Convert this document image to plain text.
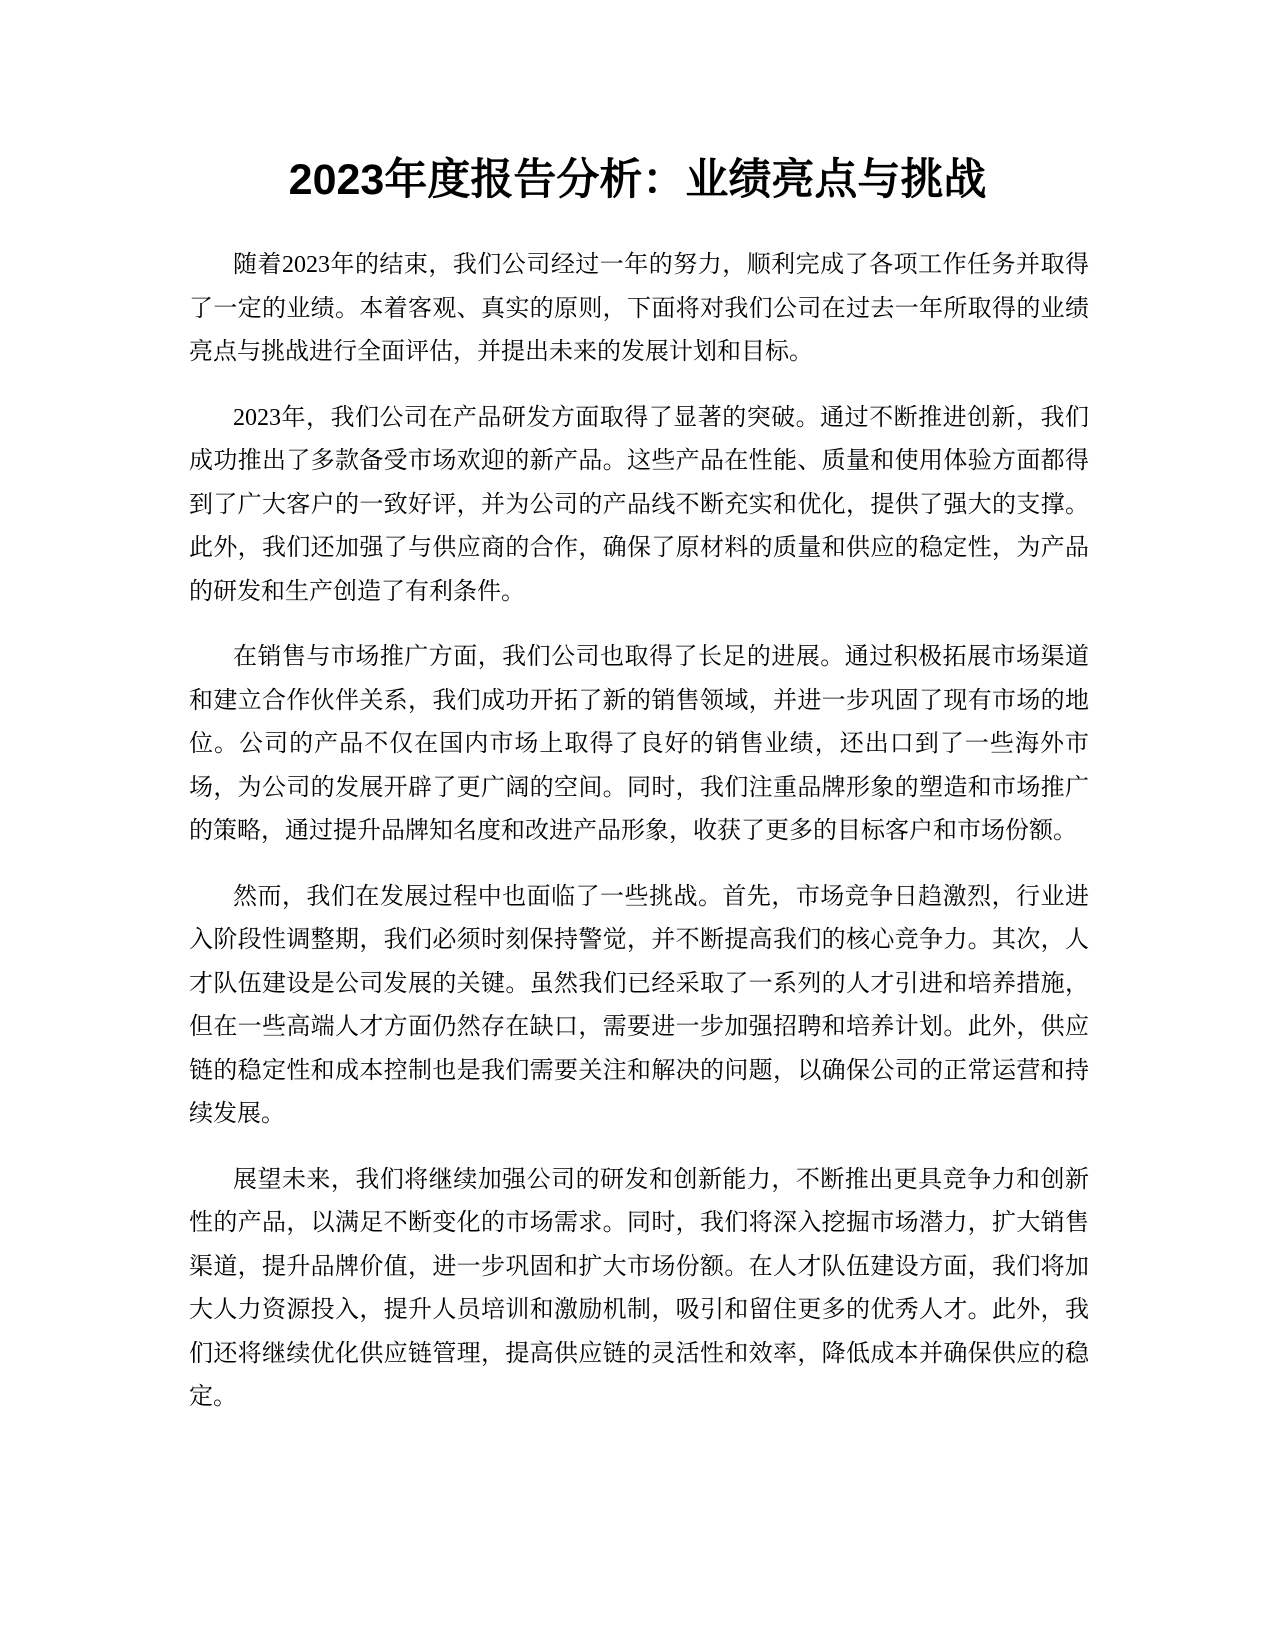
2023年度报告分析：业绩亮点与挑战

随着2023年的结束，我们公司经过一年的努力，顺利完成了各项工作任务并取得了一定的业绩。本着客观、真实的原则，下面将对我们公司在过去一年所取得的业绩亮点与挑战进行全面评估，并提出未来的发展计划和目标。

2023年，我们公司在产品研发方面取得了显著的突破。通过不断推进创新，我们成功推出了多款备受市场欢迎的新产品。这些产品在性能、质量和使用体验方面都得到了广大客户的一致好评，并为公司的产品线不断充实和优化，提供了强大的支撑。此外，我们还加强了与供应商的合作，确保了原材料的质量和供应的稳定性，为产品的研发和生产创造了有利条件。

在销售与市场推广方面，我们公司也取得了长足的进展。通过积极拓展市场渠道和建立合作伙伴关系，我们成功开拓了新的销售领域，并进一步巩固了现有市场的地位。公司的产品不仅在国内市场上取得了良好的销售业绩，还出口到了一些海外市场，为公司的发展开辟了更广阔的空间。同时，我们注重品牌形象的塑造和市场推广的策略，通过提升品牌知名度和改进产品形象，收获了更多的目标客户和市场份额。

然而，我们在发展过程中也面临了一些挑战。首先，市场竞争日趋激烈，行业进入阶段性调整期，我们必须时刻保持警觉，并不断提高我们的核心竞争力。其次，人才队伍建设是公司发展的关键。虽然我们已经采取了一系列的人才引进和培养措施，但在一些高端人才方面仍然存在缺口，需要进一步加强招聘和培养计划。此外，供应链的稳定性和成本控制也是我们需要关注和解决的问题，以确保公司的正常运营和持续发展。

展望未来，我们将继续加强公司的研发和创新能力，不断推出更具竞争力和创新性的产品，以满足不断变化的市场需求。同时，我们将深入挖掘市场潜力，扩大销售渠道，提升品牌价值，进一步巩固和扩大市场份额。在人才队伍建设方面，我们将加大人力资源投入，提升人员培训和激励机制，吸引和留住更多的优秀人才。此外，我们还将继续优化供应链管理，提高供应链的灵活性和效率，降低成本并确保供应的稳定。
